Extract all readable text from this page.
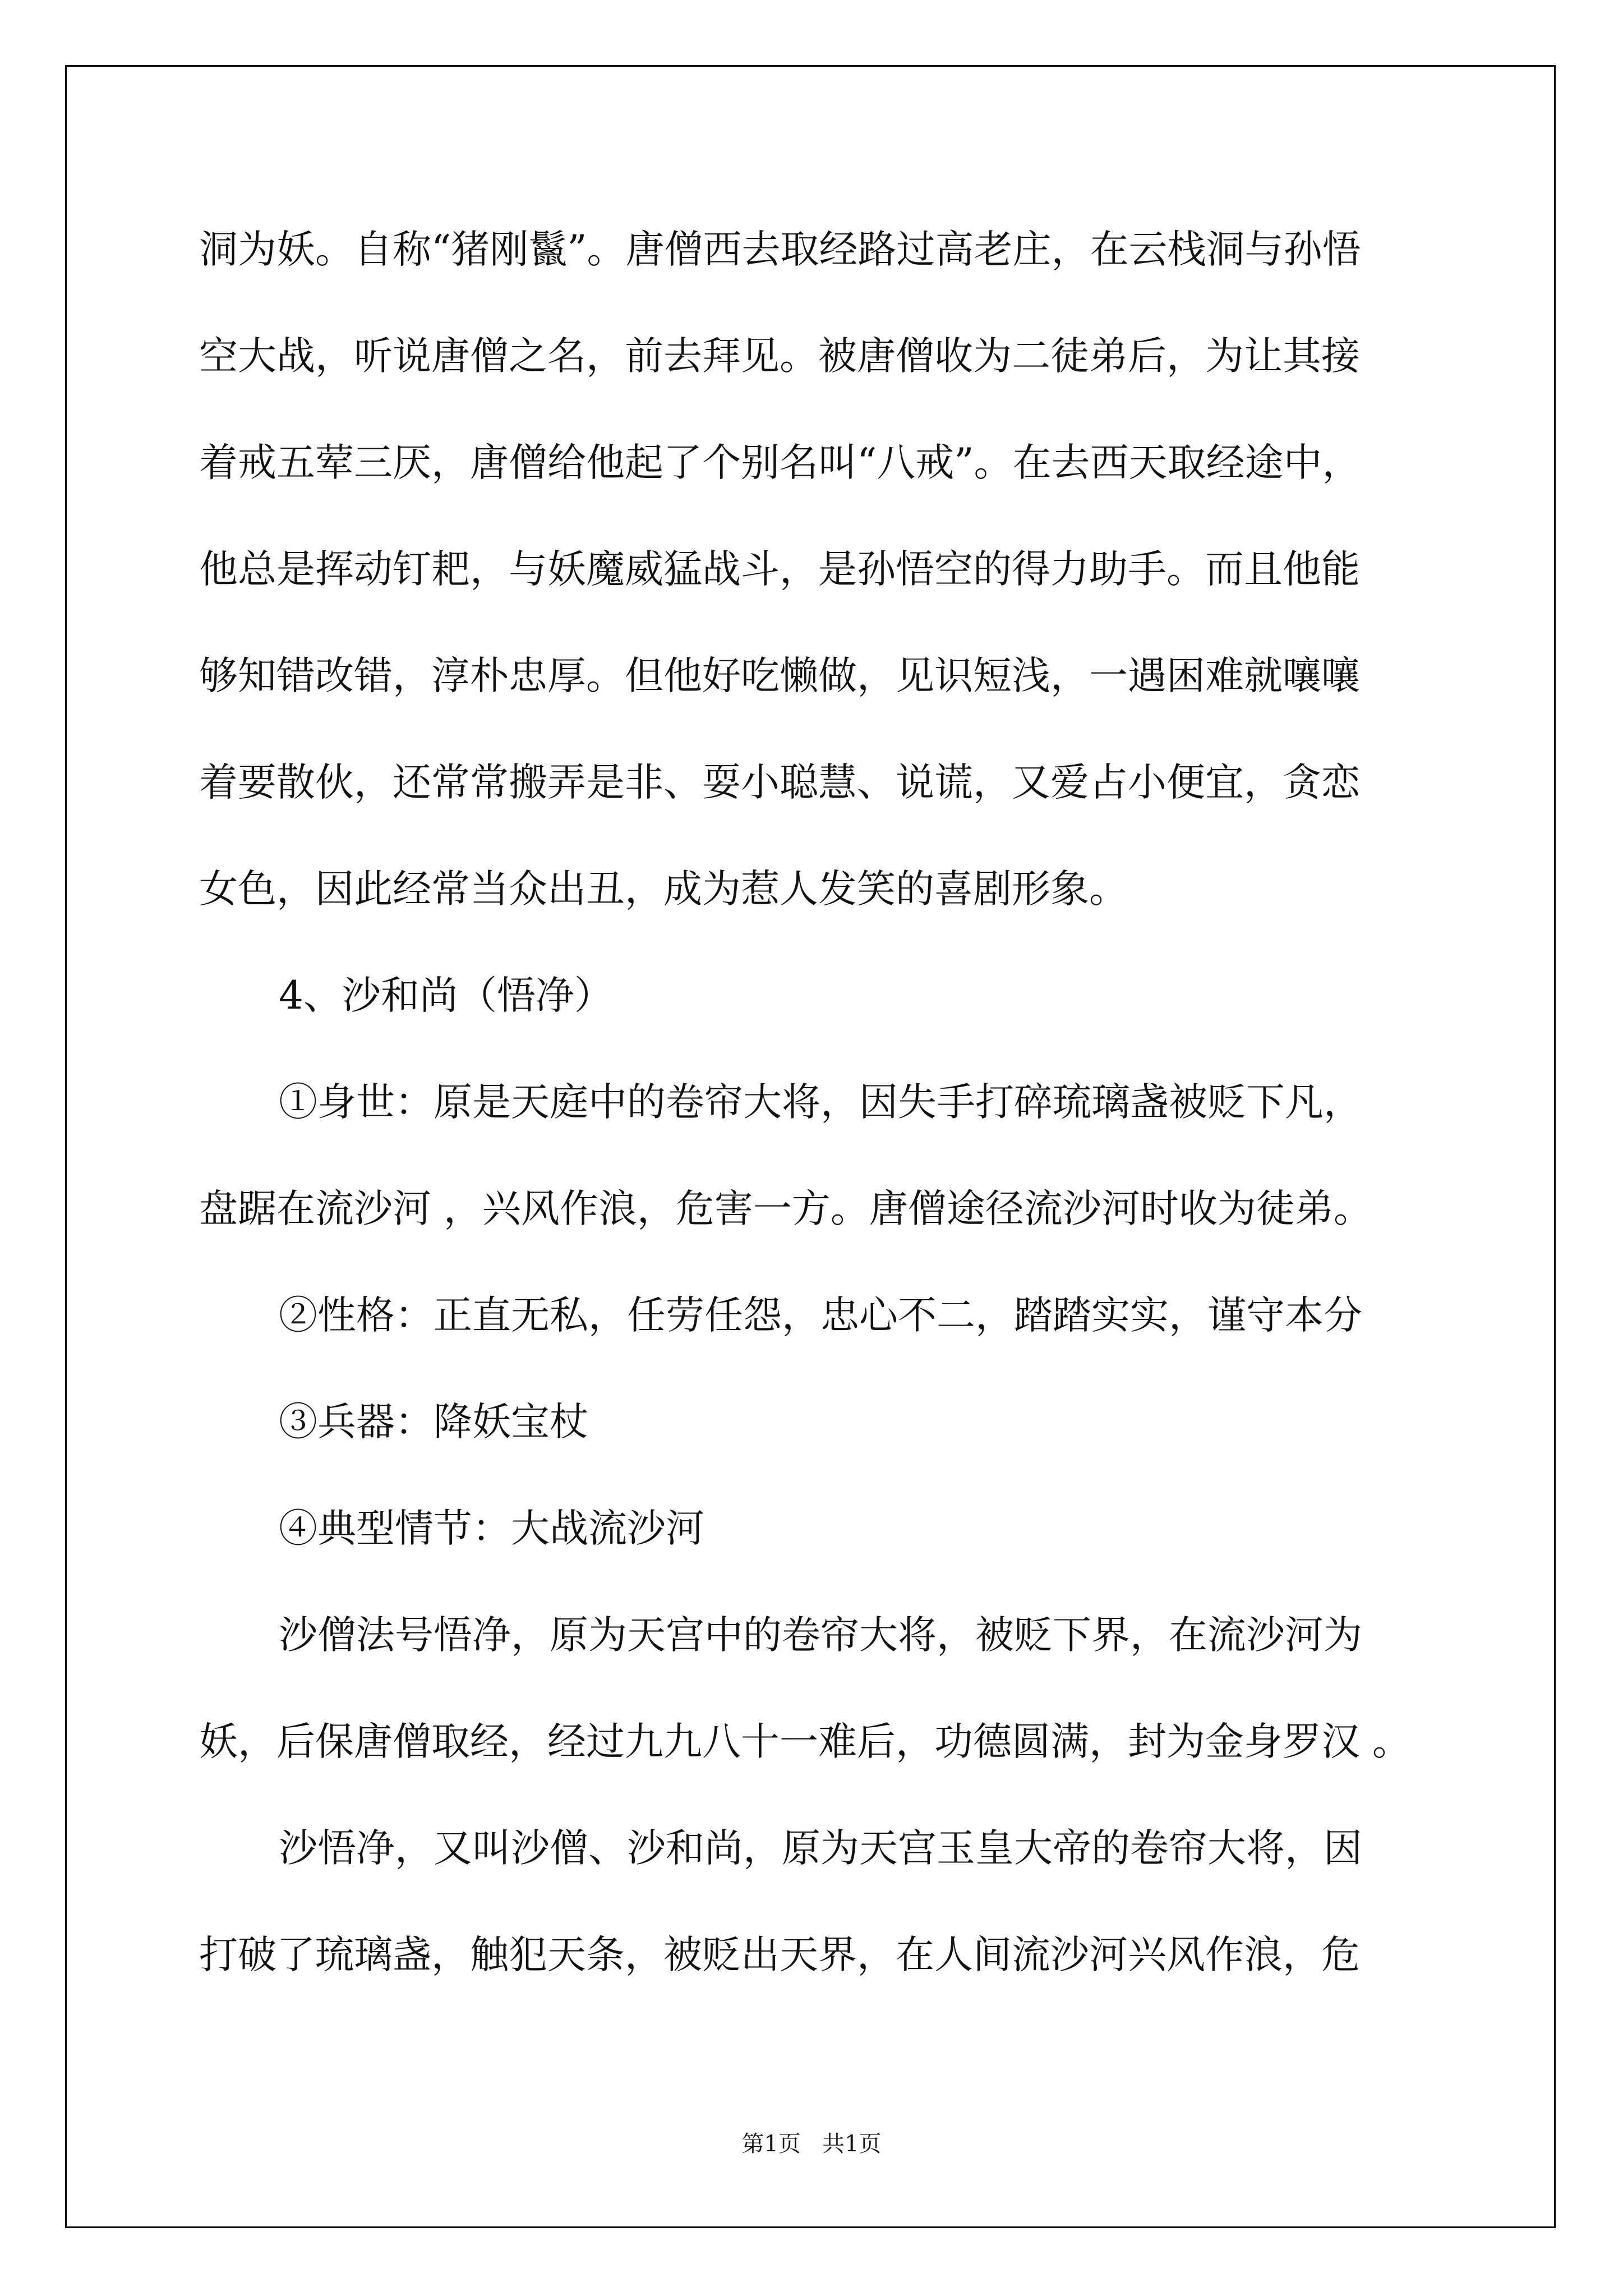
洞为妖。自称“猪刚鬣”。唐僧西去取经路过高老庄，在云栈洞与孙悟
空大战，听说唐僧之名，前去拜见。被唐僧收为二徒弟后，为让其接
着戒五荤三厌，唐僧给他起了个别名叫“八戒”。在去西天取经途中，
他总是挥动钉耙，与妖魔威猛战斗，是孙悟空的得力助手。而且他能
够知错改错，淳朴忠厚。但他好吃懒做，见识短浅，一遇困难就嚷嚷
着要散伙，还常常搬弄是非、耍小聪慧、说谎，又爱占小便宜，贪恋
女色，因此经常当众出丑，成为惹人发笑的喜剧形象。
4、沙和尚（悟净）
①身世：原是天庭中的卷帘大将，因失手打碎琉璃盏被贬下凡，
盘踞在流沙河 ，兴风作浪，危害一方。唐僧途径流沙河时收为徒弟。
②性格：正直无私，任劳任怨，忠心不二，踏踏实实，谨守本分
③兵器：降妖宝杖
④典型情节：大战流沙河
沙僧法号悟净，原为天宫中的卷帘大将，被贬下界，在流沙河为
妖，后保唐僧取经，经过九九八十一难后，功德圆满，封为金身罗汉 。
沙悟净，又叫沙僧、沙和尚，原为天宫玉皇大帝的卷帘大将，因
打破了琉璃盏，触犯天条，被贬出天界，在人间流沙河兴风作浪，危
第1页   共1页
